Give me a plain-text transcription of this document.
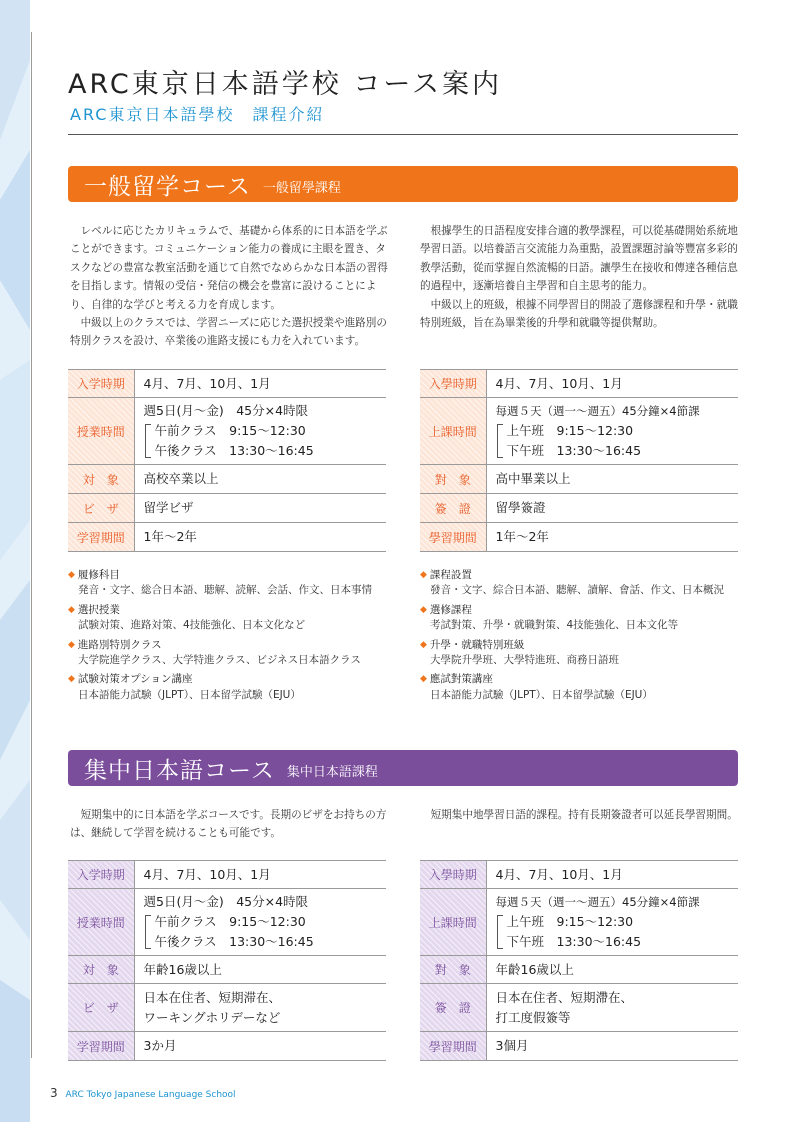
ARC東京日本語学校 コース案内
ARC東京日本語學校　課程介紹
一般留学コース 一般留學課程

レベルに応じたカリキュラムで、基礎から体系的に日本語を学ぶことができます。コミュニケーション能力の養成に主眼を置き、タスクなどの豊富な教室活動を通じて自然でなめらかな日本語の習得を目指します。情報の受信・発信の機会を豊富に設けることにより、自律的な学びと考える力を育成します。

中級以上のクラスでは、学習ニーズに応じた選択授業や進路別の特別クラスを設け、卒業後の進路支援にも力を入れています。

根據學生的日語程度安排合適的教學課程，可以從基礎開始系統地學習日語。以培養語言交流能力為重點，設置課題討論等豐富多彩的教學活動，從而掌握自然流暢的日語。讓學生在接收和傳達各種信息的過程中，逐漸培養自主學習和自主思考的能力。

中級以上的班級，根據不同學習目的開設了選修課程和升學・就職特別班級，旨在為畢業後的升學和就職等提供幫助。

入学時期	4月、7月、10月、1月
授業時間	週5日(月～金)　45分×4時限
午前クラス　9:15～12:30
午後クラス　13:30～16:45

対　象	高校卒業以上
ビ　ザ	留学ビザ
学習期間	1年～2年
入學時期	4月、7月、10月、1月
上課時間	每週５天（週一～週五）45分鐘×4節課
上午班　9:15～12:30
下午班　13:30～16:45

對　象	高中畢業以上
簽　證	留學簽證
學習期間	1年～2年
◆ 履修科目
発音・文字、総合日本語、聴解、読解、会話、作文、日本事情
◆ 選択授業
試験対策、進路対策、4技能強化、日本文化など
◆ 進路別特別クラス
大学院進学クラス、大学特進クラス、ビジネス日本語クラス
◆ 試験対策オプション講座
日本語能力試験（JLPT）、日本留学試験（EJU）
◆ 課程設置
發音・文字、綜合日本語、聽解、讀解、會話、作文、日本概況
◆ 選修課程
考試對策、升學・就職對策、4技能強化、日本文化等
◆ 升學・就職特別班級
大學院升學班、大學特進班、商務日語班
◆ 應試對策講座
日本語能力試驗（JLPT）、日本留學試驗（EJU）
集中日本語コース 集中日本語課程

短期集中的に日本語を学ぶコースです。長期のビザをお持ちの方は、継続して学習を続けることも可能です。

短期集中地學習日語的課程。持有長期簽證者可以延長學習期間。

入学時期	4月、7月、10月、1月
授業時間	週5日(月～金)　45分×4時限
午前クラス　9:15～12:30
午後クラス　13:30～16:45

対　象	年齢16歳以上
ビ　ザ	日本在住者、短期滞在、
ワーキングホリデーなど

学習期間	3か月
入學時期	4月、7月、10月、1月
上課時間	每週５天（週一～週五）45分鐘×4節課
上午班　9:15～12:30
下午班　13:30～16:45

對　象	年齡16歲以上
簽　證	日本在住者、短期滯在、
打工度假簽等

學習期間	3個月
3 ARC Tokyo Japanese Language School
